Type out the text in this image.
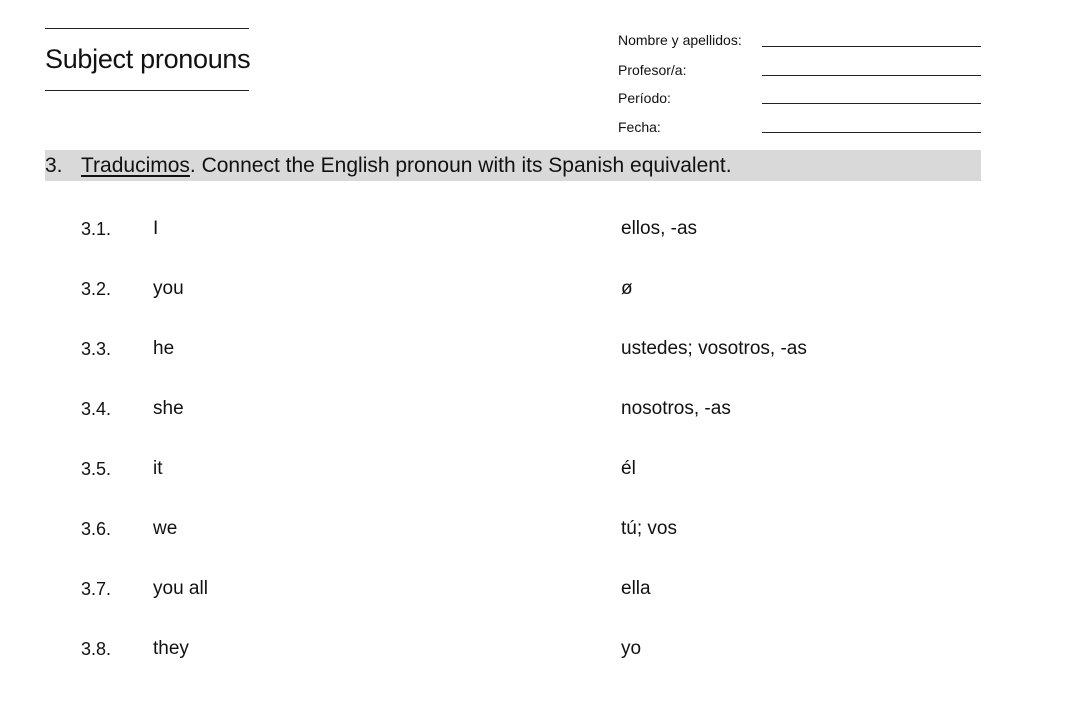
Subject pronouns
Nombre y apellidos:
Profesor/a:
Período:
Fecha:
3. Traducimos. Connect the English pronoun with its Spanish equivalent.
3.1. I	ellos, -as
3.2. you	ø
3.3. he	ustedes; vosotros, -as
3.4. she	nosotros, -as
3.5. it	él
3.6. we	tú; vos
3.7. you all	ella
3.8. they	yo
